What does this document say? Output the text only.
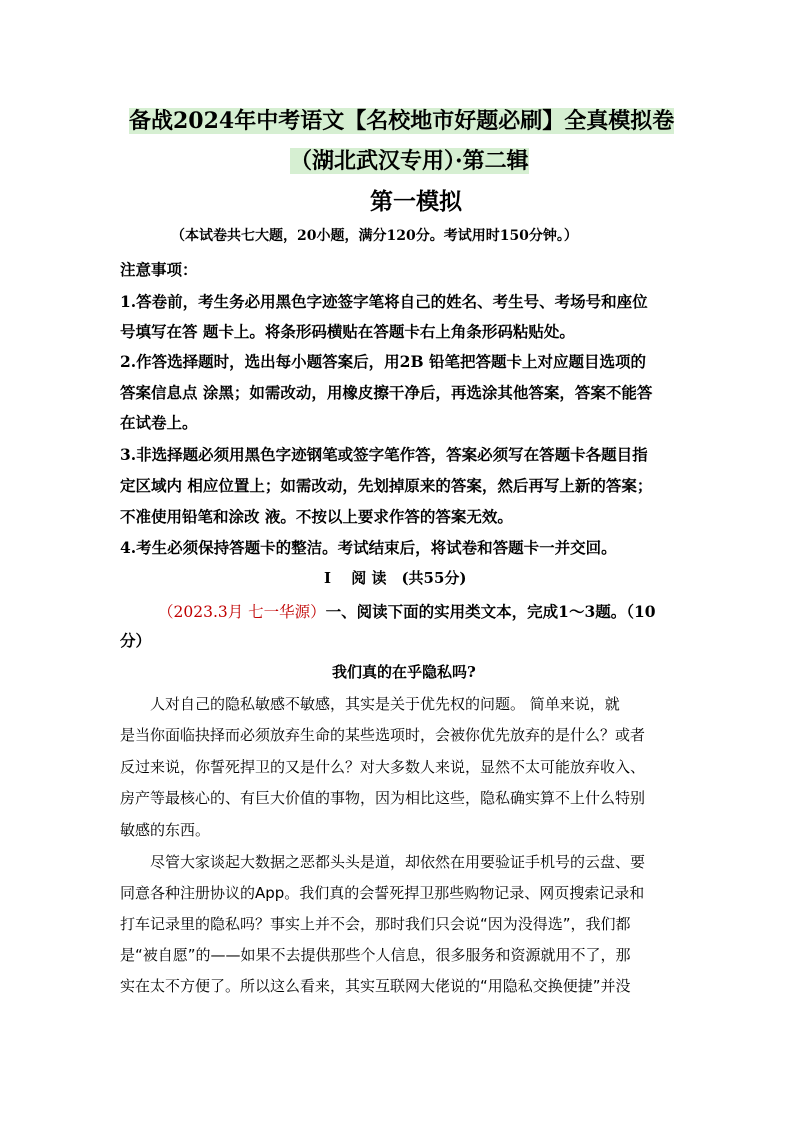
备战2024年中考语文【名校地市好题必刷】全真模拟卷
（湖北武汉专用）·第二辑
第一模拟
（本试卷共七大题，20小题，满分120分。考试用时150分钟。）
注意事项：
1.答卷前，考生务必用黑色字迹签字笔将自己的姓名、考生号、考场号和座位
号填写在答 题卡上。将条形码横贴在答题卡右上角条形码粘贴处。
2.作答选择题时，选出每小题答案后，用2B 铅笔把答题卡上对应题目选项的
答案信息点 涂黑；如需改动，用橡皮擦干净后，再选涂其他答案，答案不能答
在试卷上。
3.非选择题必须用黑色字迹钢笔或签字笔作答，答案必须写在答题卡各题目指
定区域内 相应位置上；如需改动，先划掉原来的答案，然后再写上新的答案；
不准使用铅笔和涂改 液。不按以上要求作答的答案无效。
4.考生必须保持答题卡的整洁。考试结束后，将试卷和答题卡一并交回。
I　 阅 读　(共55分)
（2023.3月 七一华源）一、阅读下面的实用类文本，完成1～3题。（10
分）
我们真的在乎隐私吗?
　　人对自己的隐私敏感不敏感，其实是关于优先权的问题。 简单来说，就
是当你面临抉择而必须放弃生命的某些选项时，会被你优先放弃的是什么？或者
反过来说，你誓死捍卫的又是什么？对大多数人来说，显然不太可能放弃收入、
房产等最核心的、有巨大价值的事物，因为相比这些，隐私确实算不上什么特别
敏感的东西。
　　尽管大家谈起大数据之恶都头头是道，却依然在用要验证手机号的云盘、要
同意各种注册协议的App。我们真的会誓死捍卫那些购物记录、网页搜索记录和
打车记录里的隐私吗？事实上并不会，那时我们只会说“因为没得选”，我们都
是“被自愿”的——如果不去提供那些个人信息，很多服务和资源就用不了，那
实在太不方便了。所以这么看来，其实互联网大佬说的“用隐私交换便捷”并没
